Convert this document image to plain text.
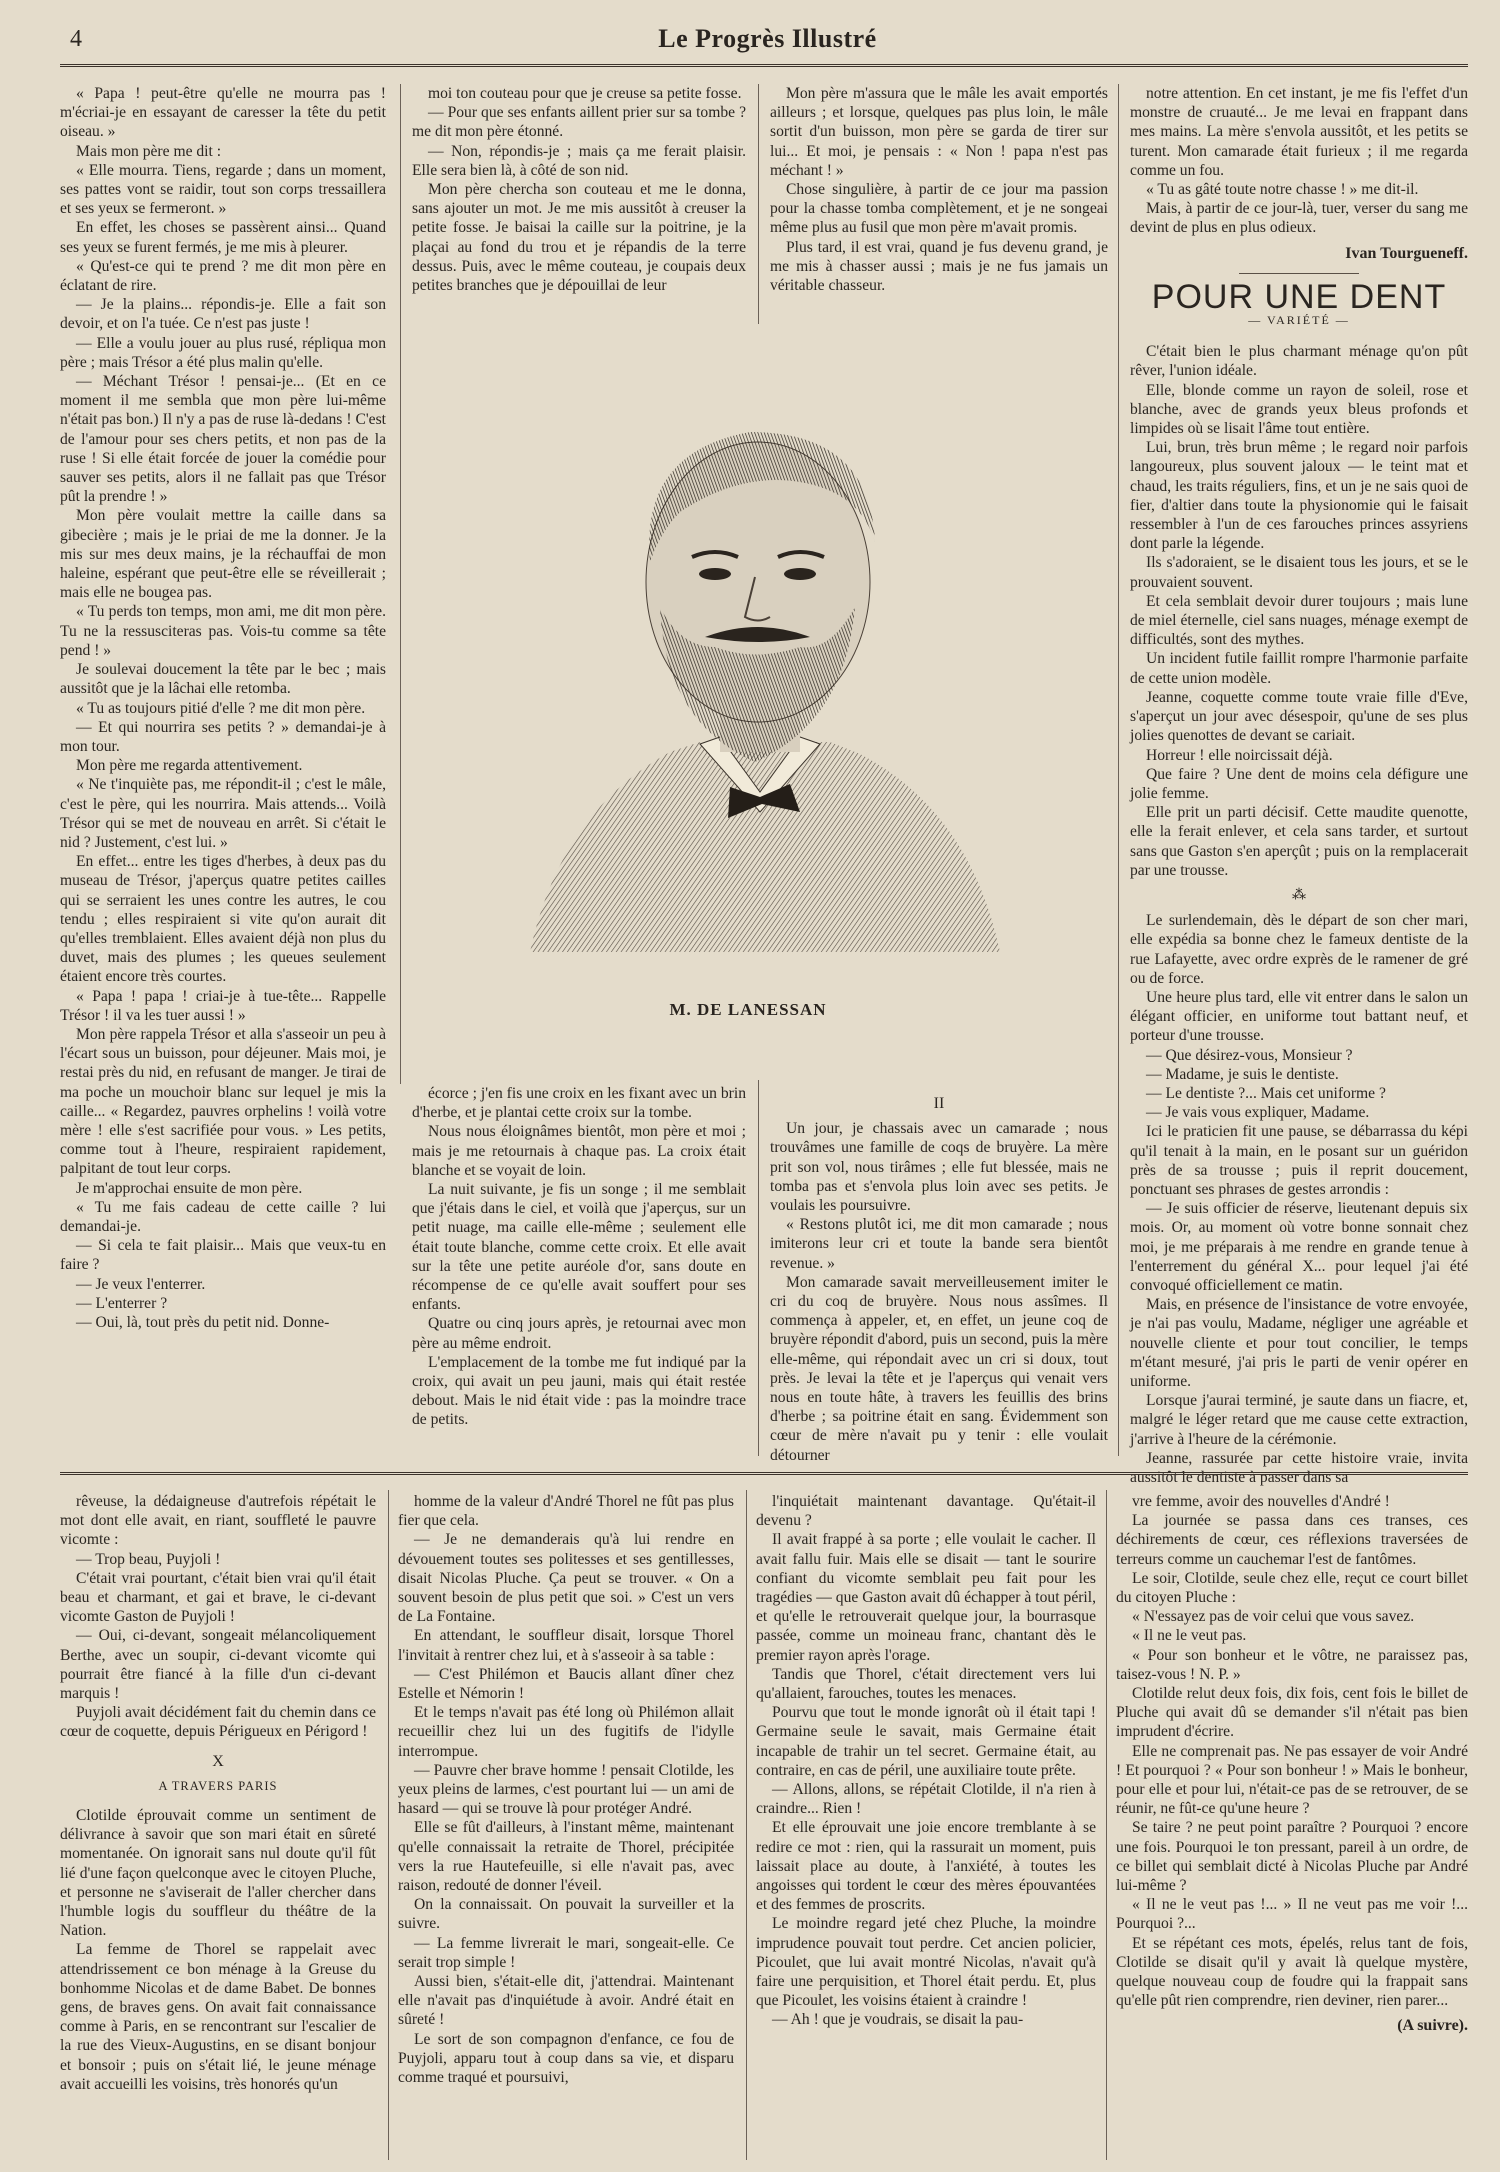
4	Le Progrès Illustré

« Papa ! peut-être qu'elle ne mourra pas ! m'écriai-je en essayant de caresser la tête du petit oiseau. »

Mais mon père me dit :

« Elle mourra. Tiens, regarde ; dans un moment, ses pattes vont se raidir, tout son corps tressaillera et ses yeux se fermeront. »

En effet, les choses se passèrent ainsi... Quand ses yeux se furent fermés, je me mis à pleurer.

« Qu'est-ce qui te prend ? me dit mon père en éclatant de rire.

— Je la plains... répondis-je. Elle a fait son devoir, et on l'a tuée. Ce n'est pas juste !

— Elle a voulu jouer au plus rusé, répliqua mon père ; mais Trésor a été plus malin qu'elle.

— Méchant Trésor ! pensai-je... (Et en ce moment il me sembla que mon père lui-même n'était pas bon.) Il n'y a pas de ruse là-dedans ! C'est de l'amour pour ses chers petits, et non pas de la ruse ! Si elle était forcée de jouer la comédie pour sauver ses petits, alors il ne fallait pas que Trésor pût la prendre ! »

Mon père voulait mettre la caille dans sa gibecière ; mais je le priai de me la donner. Je la mis sur mes deux mains, je la réchauffai de mon haleine, espérant que peut-être elle se réveillerait ; mais elle ne bougea pas.

« Tu perds ton temps, mon ami, me dit mon père. Tu ne la ressusciteras pas. Vois-tu comme sa tête pend ! »

Je soulevai doucement la tête par le bec ; mais aussitôt que je la lâchai elle retomba.

« Tu as toujours pitié d'elle ? me dit mon père.

— Et qui nourrira ses petits ? » demandai-je à mon tour.

Mon père me regarda attentivement.

« Ne t'inquiète pas, me répondit-il ; c'est le mâle, c'est le père, qui les nourrira. Mais attends... Voilà Trésor qui se met de nouveau en arrêt. Si c'était le nid ? Justement, c'est lui. »

En effet... entre les tiges d'herbes, à deux pas du museau de Trésor, j'aperçus quatre petites cailles qui se serraient les unes contre les autres, le cou tendu ; elles respiraient si vite qu'on aurait dit qu'elles tremblaient. Elles avaient déjà non plus du duvet, mais des plumes ; les queues seulement étaient encore très courtes.

« Papa ! papa ! criai-je à tue-tête... Rappelle Trésor ! il va les tuer aussi ! »

Mon père rappela Trésor et alla s'asseoir un peu à l'écart sous un buisson, pour déjeuner. Mais moi, je restai près du nid, en refusant de manger. Je tirai de ma poche un mouchoir blanc sur lequel je mis la caille... « Regardez, pauvres orphelins ! voilà votre mère ! elle s'est sacrifiée pour vous. » Les petits, comme tout à l'heure, respiraient rapidement, palpitant de tout leur corps.

Je m'approchai ensuite de mon père.

« Tu me fais cadeau de cette caille ? lui demandai-je.

— Si cela te fait plaisir... Mais que veux-tu en faire ?

— Je veux l'enterrer.

— L'enterrer ?

— Oui, là, tout près du petit nid. Donne-

moi ton couteau pour que je creuse sa petite fosse.

— Pour que ses enfants aillent prier sur sa tombe ? me dit mon père étonné.

— Non, répondis-je ; mais ça me ferait plaisir. Elle sera bien là, à côté de son nid.

Mon père chercha son couteau et me le donna, sans ajouter un mot. Je me mis aussitôt à creuser la petite fosse. Je baisai la caille sur la poitrine, je la plaçai au fond du trou et je répandis de la terre dessus. Puis, avec le même couteau, je coupais deux petites branches que je dépouillai de leur

Mon père m'assura que le mâle les avait emportés ailleurs ; et lorsque, quelques pas plus loin, le mâle sortit d'un buisson, mon père se garda de tirer sur lui... Et moi, je pensais : « Non ! papa n'est pas méchant ! »

Chose singulière, à partir de ce jour ma passion pour la chasse tomba complètement, et je ne songeai même plus au fusil que mon père m'avait promis.

Plus tard, il est vrai, quand je fus devenu grand, je me mis à chasser aussi ; mais je ne fus jamais un véritable chasseur.

M. DE LANESSAN

écorce ; j'en fis une croix en les fixant avec un brin d'herbe, et je plantai cette croix sur la tombe.

Nous nous éloignâmes bientôt, mon père et moi ; mais je me retournais à chaque pas. La croix était blanche et se voyait de loin.

La nuit suivante, je fis un songe ; il me semblait que j'étais dans le ciel, et voilà que j'aperçus, sur un petit nuage, ma caille elle-même ; seulement elle était toute blanche, comme cette croix. Et elle avait sur la tête une petite auréole d'or, sans doute en récompense de ce qu'elle avait souffert pour ses enfants.

Quatre ou cinq jours après, je retournai avec mon père au même endroit.

L'emplacement de la tombe me fut indiqué par la croix, qui avait un peu jauni, mais qui était restée debout. Mais le nid était vide : pas la moindre trace de petits.

II

Un jour, je chassais avec un camarade ; nous trouvâmes une famille de coqs de bruyère. La mère prit son vol, nous tirâmes ; elle fut blessée, mais ne tomba pas et s'envola plus loin avec ses petits. Je voulais les poursuivre.

« Restons plutôt ici, me dit mon camarade ; nous imiterons leur cri et toute la bande sera bientôt revenue. »

Mon camarade savait merveilleusement imiter le cri du coq de bruyère. Nous nous assîmes. Il commença à appeler, et, en effet, un jeune coq de bruyère répondit d'abord, puis un second, puis la mère elle-même, qui répondait avec un cri si doux, tout près. Je levai la tête et je l'aperçus qui venait vers nous en toute hâte, à travers les feuillis des brins d'herbe ; sa poitrine était en sang. Évidemment son cœur de mère n'avait pu y tenir : elle voulait détourner

notre attention. En cet instant, je me fis l'effet d'un monstre de cruauté... Je me levai en frappant dans mes mains. La mère s'envola aussitôt, et les petits se turent. Mon camarade était furieux ; il me regarda comme un fou.

« Tu as gâté toute notre chasse ! » me dit-il.

Mais, à partir de ce jour-là, tuer, verser du sang me devint de plus en plus odieux.

Ivan Tourgueneff.
POUR UNE DENT
— VARIÉTÉ —

C'était bien le plus charmant ménage qu'on pût rêver, l'union idéale.

Elle, blonde comme un rayon de soleil, rose et blanche, avec de grands yeux bleus profonds et limpides où se lisait l'âme tout entière.

Lui, brun, très brun même ; le regard noir parfois langoureux, plus souvent jaloux — le teint mat et chaud, les traits réguliers, fins, et un je ne sais quoi de fier, d'altier dans toute la physionomie qui le faisait ressembler à l'un de ces farouches princes assyriens dont parle la légende.

Ils s'adoraient, se le disaient tous les jours, et se le prouvaient souvent.

Et cela semblait devoir durer toujours ; mais lune de miel éternelle, ciel sans nuages, ménage exempt de difficultés, sont des mythes.

Un incident futile faillit rompre l'harmonie parfaite de cette union modèle.

Jeanne, coquette comme toute vraie fille d'Eve, s'aperçut un jour avec désespoir, qu'une de ses plus jolies quenottes de devant se cariait.

Horreur ! elle noircissait déjà.

Que faire ? Une dent de moins cela défigure une jolie femme.

Elle prit un parti décisif. Cette maudite quenotte, elle la ferait enlever, et cela sans tarder, et surtout sans que Gaston s'en aperçût ; puis on la remplacerait par une trousse.

⁂

Le surlendemain, dès le départ de son cher mari, elle expédia sa bonne chez le fameux dentiste de la rue Lafayette, avec ordre exprès de le ramener de gré ou de force.

Une heure plus tard, elle vit entrer dans le salon un élégant officier, en uniforme tout battant neuf, et porteur d'une trousse.

— Que désirez-vous, Monsieur ?

— Madame, je suis le dentiste.

— Le dentiste ?... Mais cet uniforme ?

— Je vais vous expliquer, Madame.

Ici le praticien fit une pause, se débarrassa du képi qu'il tenait à la main, en le posant sur un guéridon près de sa trousse ; puis il reprit doucement, ponctuant ses phrases de gestes arrondis :

— Je suis officier de réserve, lieutenant depuis six mois. Or, au moment où votre bonne sonnait chez moi, je me préparais à me rendre en grande tenue à l'enterrement du général X... pour lequel j'ai été convoqué officiellement ce matin.

Mais, en présence de l'insistance de votre envoyée, je n'ai pas voulu, Madame, négliger une agréable et nouvelle cliente et pour tout concilier, le temps m'étant mesuré, j'ai pris le parti de venir opérer en uniforme.

Lorsque j'aurai terminé, je saute dans un fiacre, et, malgré le léger retard que me cause cette extraction, j'arrive à l'heure de la cérémonie.

Jeanne, rassurée par cette histoire vraie, invita aussitôt le dentiste à passer dans sa

rêveuse, la dédaigneuse d'autrefois répétait le mot dont elle avait, en riant, souffleté le pauvre vicomte :

— Trop beau, Puyjoli !

C'était vrai pourtant, c'était bien vrai qu'il était beau et charmant, et gai et brave, le ci-devant vicomte Gaston de Puyjoli !

— Oui, ci-devant, songeait mélancoliquement Berthe, avec un soupir, ci-devant vicomte qui pourrait être fiancé à la fille d'un ci-devant marquis !

Puyjoli avait décidément fait du chemin dans ce cœur de coquette, depuis Périgueux en Périgord !

X
A TRAVERS PARIS

Clotilde éprouvait comme un sentiment de délivrance à savoir que son mari était en sûreté momentanée. On ignorait sans nul doute qu'il fût lié d'une façon quelconque avec le citoyen Pluche, et personne ne s'aviserait de l'aller chercher dans l'humble logis du souffleur du théâtre de la Nation.

La femme de Thorel se rappelait avec attendrissement ce bon ménage à la Greuse du bonhomme Nicolas et de dame Babet. De bonnes gens, de braves gens. On avait fait connaissance comme à Paris, en se rencontrant sur l'escalier de la rue des Vieux-Augustins, en se disant bonjour et bonsoir ; puis on s'était lié, le jeune ménage avait accueilli les voisins, très honorés qu'un

homme de la valeur d'André Thorel ne fût pas plus fier que cela.

— Je ne demanderais qu'à lui rendre en dévouement toutes ses politesses et ses gentillesses, disait Nicolas Pluche. Ça peut se trouver. « On a souvent besoin de plus petit que soi. » C'est un vers de La Fontaine.

En attendant, le souffleur disait, lorsque Thorel l'invitait à rentrer chez lui, et à s'asseoir à sa table :

— C'est Philémon et Baucis allant dîner chez Estelle et Némorin !

Et le temps n'avait pas été long où Philémon allait recueillir chez lui un des fugitifs de l'idylle interrompue.

— Pauvre cher brave homme ! pensait Clotilde, les yeux pleins de larmes, c'est pourtant lui — un ami de hasard — qui se trouve là pour protéger André.

Elle se fût d'ailleurs, à l'instant même, maintenant qu'elle connaissait la retraite de Thorel, précipitée vers la rue Hautefeuille, si elle n'avait pas, avec raison, redouté de donner l'éveil.

On la connaissait. On pouvait la surveiller et la suivre.

— La femme livrerait le mari, songeait-elle. Ce serait trop simple !

Aussi bien, s'était-elle dit, j'attendrai. Maintenant elle n'avait pas d'inquiétude à avoir. André était en sûreté !

Le sort de son compagnon d'enfance, ce fou de Puyjoli, apparu tout à coup dans sa vie, et disparu comme traqué et poursuivi,

l'inquiétait maintenant davantage. Qu'était-il devenu ?

Il avait frappé à sa porte ; elle voulait le cacher. Il avait fallu fuir. Mais elle se disait — tant le sourire confiant du vicomte semblait peu fait pour les tragédies — que Gaston avait dû échapper à tout péril, et qu'elle le retrouverait quelque jour, la bourrasque passée, comme un moineau franc, chantant dès le premier rayon après l'orage.

Tandis que Thorel, c'était directement vers lui qu'allaient, farouches, toutes les menaces.

Pourvu que tout le monde ignorât où il était tapi ! Germaine seule le savait, mais Germaine était incapable de trahir un tel secret. Germaine était, au contraire, en cas de péril, une auxiliaire toute prête.

— Allons, allons, se répétait Clotilde, il n'a rien à craindre... Rien !

Et elle éprouvait une joie encore tremblante à se redire ce mot : rien, qui la rassurait un moment, puis laissait place au doute, à l'anxiété, à toutes les angoisses qui tordent le cœur des mères épouvantées et des femmes de proscrits.

Le moindre regard jeté chez Pluche, la moindre imprudence pouvait tout perdre. Cet ancien policier, Picoulet, que lui avait montré Nicolas, n'avait qu'à faire une perquisition, et Thorel était perdu. Et, plus que Picoulet, les voisins étaient à craindre !

— Ah ! que je voudrais, se disait la pau-

vre femme, avoir des nouvelles d'André !

La journée se passa dans ces transes, ces déchirements de cœur, ces réflexions traversées de terreurs comme un cauchemar l'est de fantômes.

Le soir, Clotilde, seule chez elle, reçut ce court billet du citoyen Pluche :

« N'essayez pas de voir celui que vous savez.

« Il ne le veut pas.

« Pour son bonheur et le vôtre, ne paraissez pas, taisez-vous ! N. P. »

Clotilde relut deux fois, dix fois, cent fois le billet de Pluche qui avait dû se demander s'il n'était pas bien imprudent d'écrire.

Elle ne comprenait pas. Ne pas essayer de voir André ! Et pourquoi ? « Pour son bonheur ! » Mais le bonheur, pour elle et pour lui, n'était-ce pas de se retrouver, de se réunir, ne fût-ce qu'une heure ?

Se taire ? ne peut point paraître ? Pourquoi ? encore une fois. Pourquoi le ton pressant, pareil à un ordre, de ce billet qui semblait dicté à Nicolas Pluche par André lui-même ?

« Il ne le veut pas !... » Il ne veut pas me voir !... Pourquoi ?...

Et se répétant ces mots, épelés, relus tant de fois, Clotilde se disait qu'il y avait là quelque mystère, quelque nouveau coup de foudre qui la frappait sans qu'elle pût rien comprendre, rien deviner, rien parer...

(A suivre).
